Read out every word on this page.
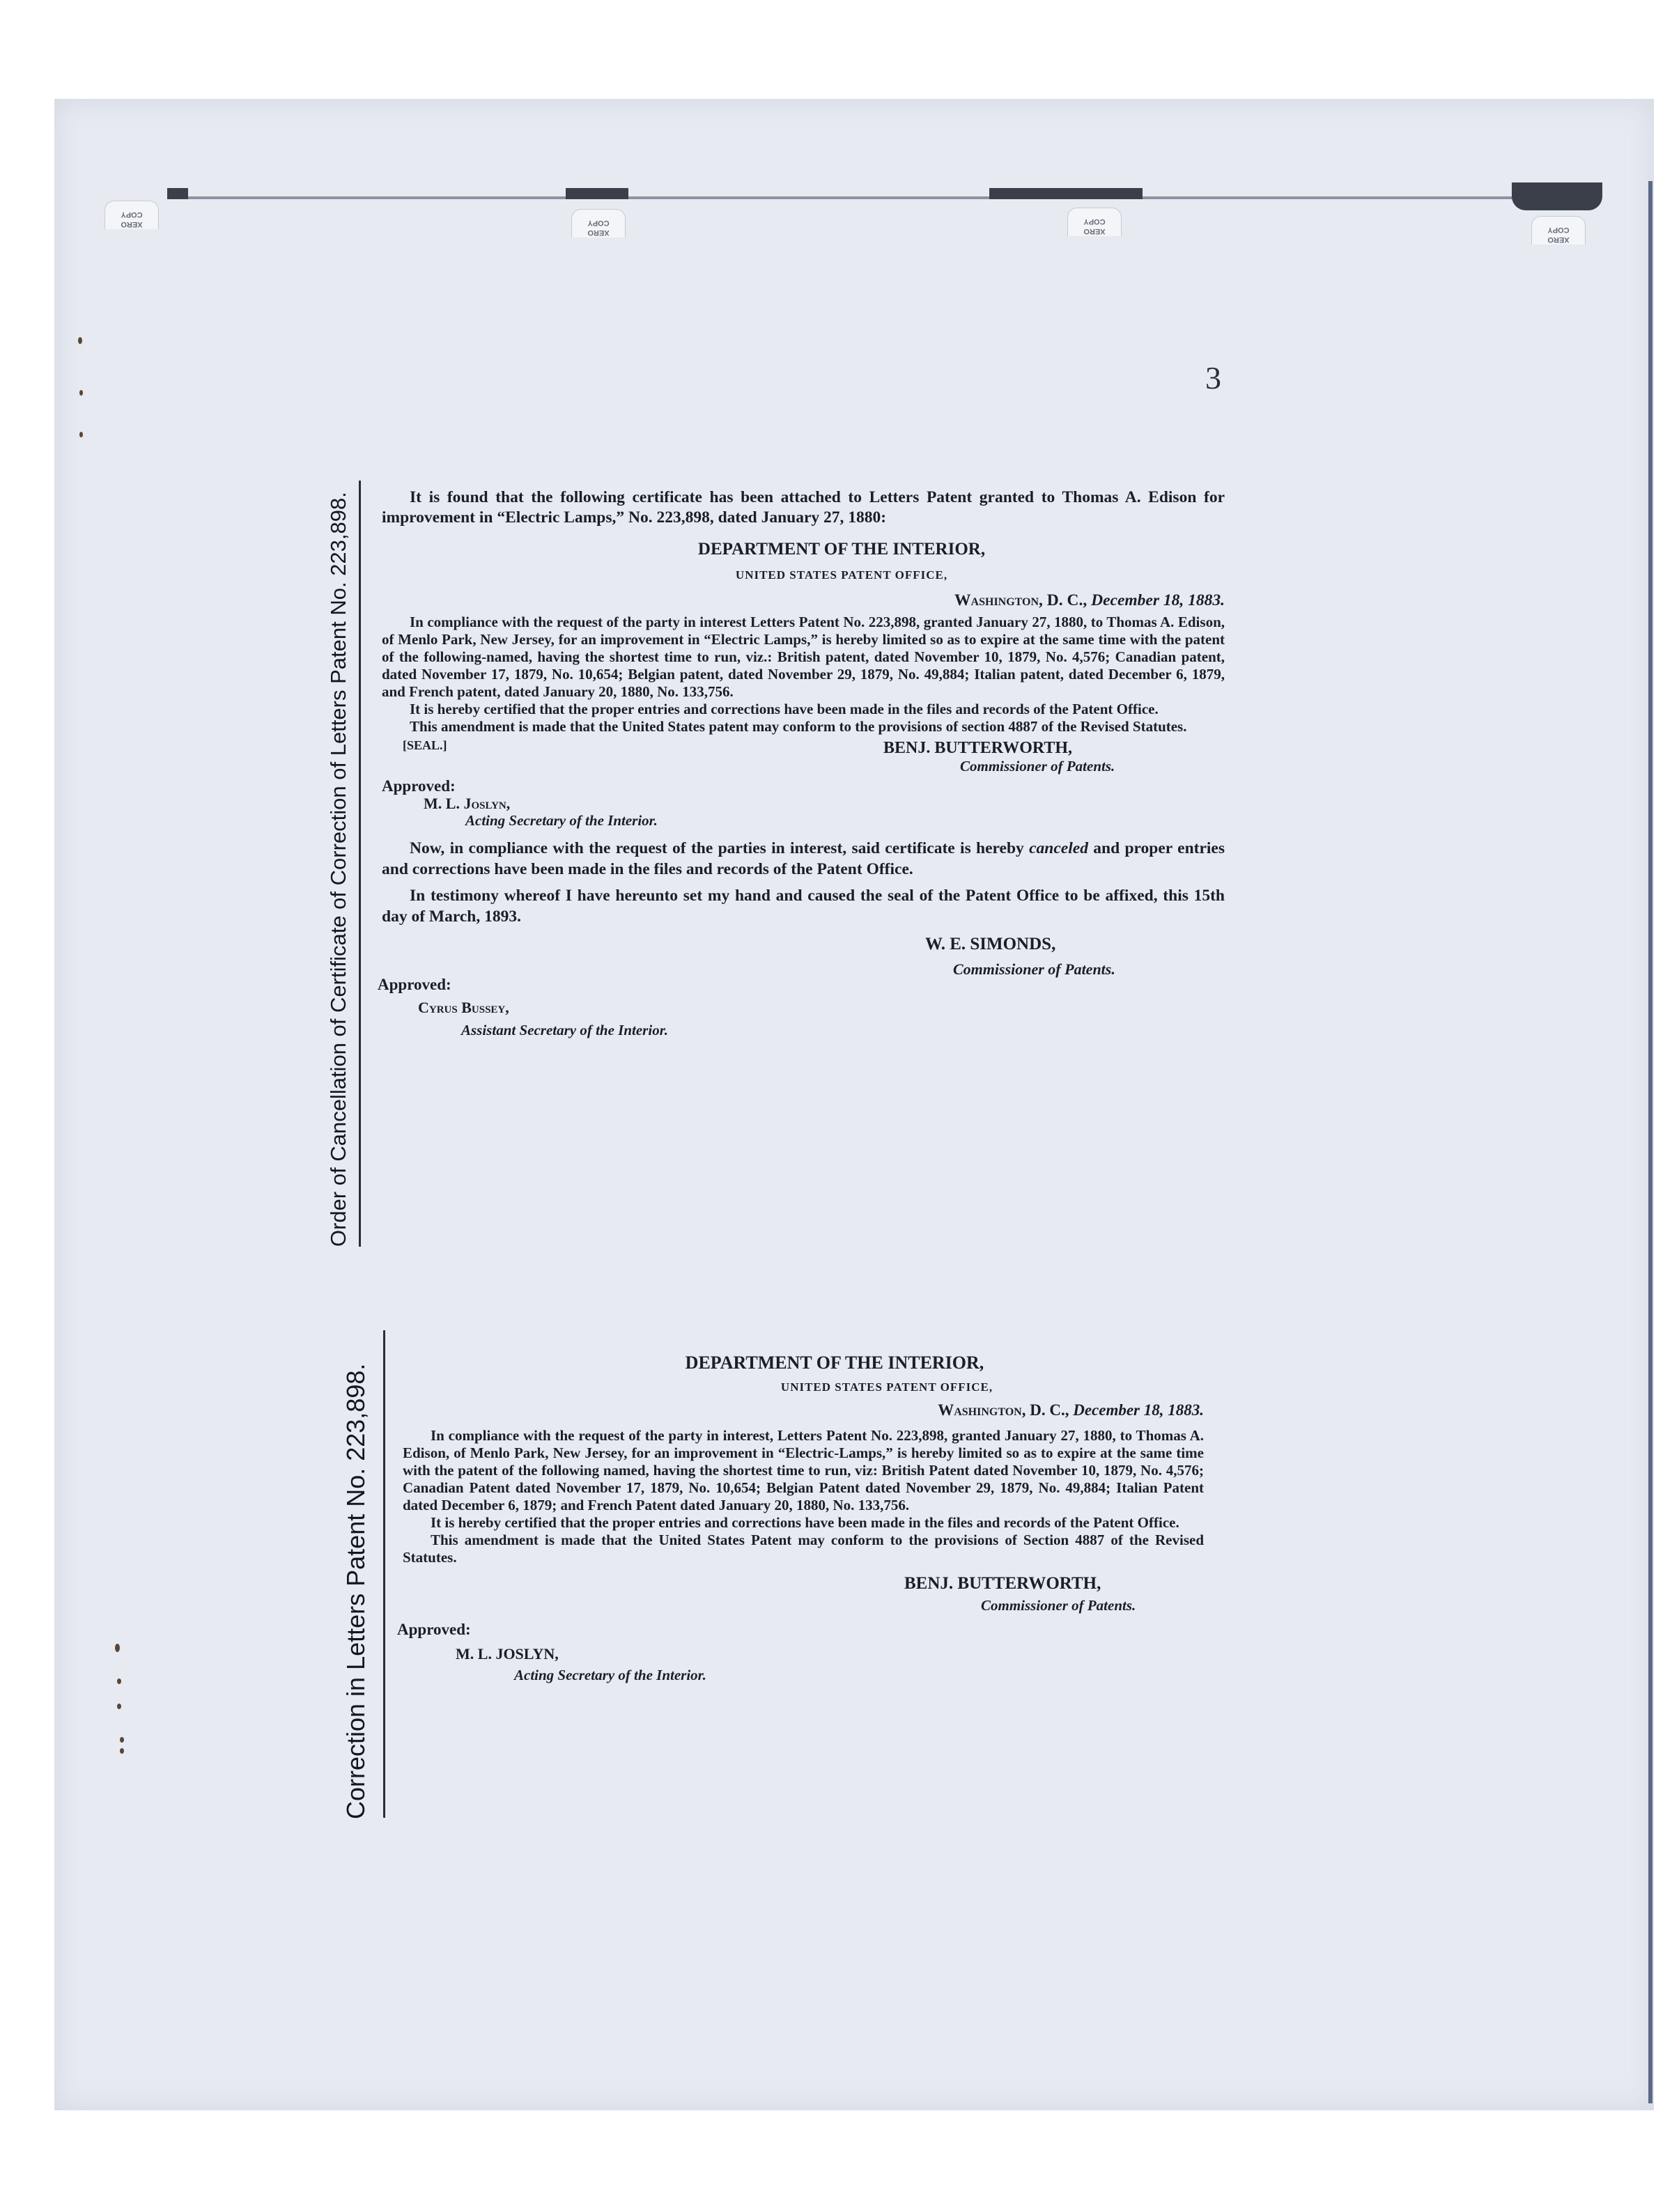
XERO
COPY
XERO
COPY
XERO
COPY
XERO
COPY
3
Order of Cancellation of Certificate of Correction of Letters Patent No. 223,898.	It is found that the following certificate has been attached to Letters Patent granted to Thomas A. Edison for improvement in “Electric Lamps,” No. 223,898, dated January 27, 1880:

DEPARTMENT OF THE INTERIOR,
UNITED STATES PATENT OFFICE,
Washington, D. C., December 18, 1883.

In compliance with the request of the party in interest Letters Patent No. 223,898, granted January 27, 1880, to Thomas A. Edison, of Menlo Park, New Jersey, for an improvement in “Electric Lamps,” is hereby limited so as to expire at the same time with the patent of the following-named, having the shortest time to run, viz.: British patent, dated November 10, 1879, No. 4,576; Canadian patent, dated November 17, 1879, No. 10,654; Belgian patent, dated November 29, 1879, No. 49,884; Italian patent, dated December 6, 1879, and French patent, dated January 20, 1880, No. 133,756.

It is hereby certified that the proper entries and corrections have been made in the files and records of the Patent Office.

This amendment is made that the United States patent may conform to the provisions of section 4887 of the Revised Statutes.

[SEAL.]	BENJ. BUTTERWORTH,
Commissioner of Patents.
Approved:
M. L. Joslyn,
Acting Secretary of the Interior.

Now, in compliance with the request of the parties in interest, said certificate is hereby canceled and proper entries and corrections have been made in the files and records of the Patent Office.

In testimony whereof I have hereunto set my hand and caused the seal of the Patent Office to be affixed, this 15th day of March, 1893.

W. E. SIMONDS,
Commissioner of Patents.
Approved:
Cyrus Bussey,
Assistant Secretary of the Interior.
Correction in Letters Patent No. 223,898.
DEPARTMENT OF THE INTERIOR,
UNITED STATES PATENT OFFICE,
Washington, D. C., December 18, 1883.

In compliance with the request of the party in interest, Letters Patent No. 223,898, granted January 27, 1880, to Thomas A. Edison, of Menlo Park, New Jersey, for an improvement in “Electric-Lamps,” is hereby limited so as to expire at the same time with the patent of the following named, having the shortest time to run, viz: British Patent dated November 10, 1879, No. 4,576; Canadian Patent dated November 17, 1879, No. 10,654; Belgian Patent dated November 29, 1879, No. 49,884; Italian Patent dated December 6, 1879; and French Patent dated January 20, 1880, No. 133,756.

It is hereby certified that the proper entries and corrections have been made in the files and records of the Patent Office.

This amendment is made that the United States Patent may conform to the provisions of Section 4887 of the Revised Statutes.

BENJ. BUTTERWORTH,
Commissioner of Patents.
Approved:
M. L. JOSLYN,
Acting Secretary of the Interior.
